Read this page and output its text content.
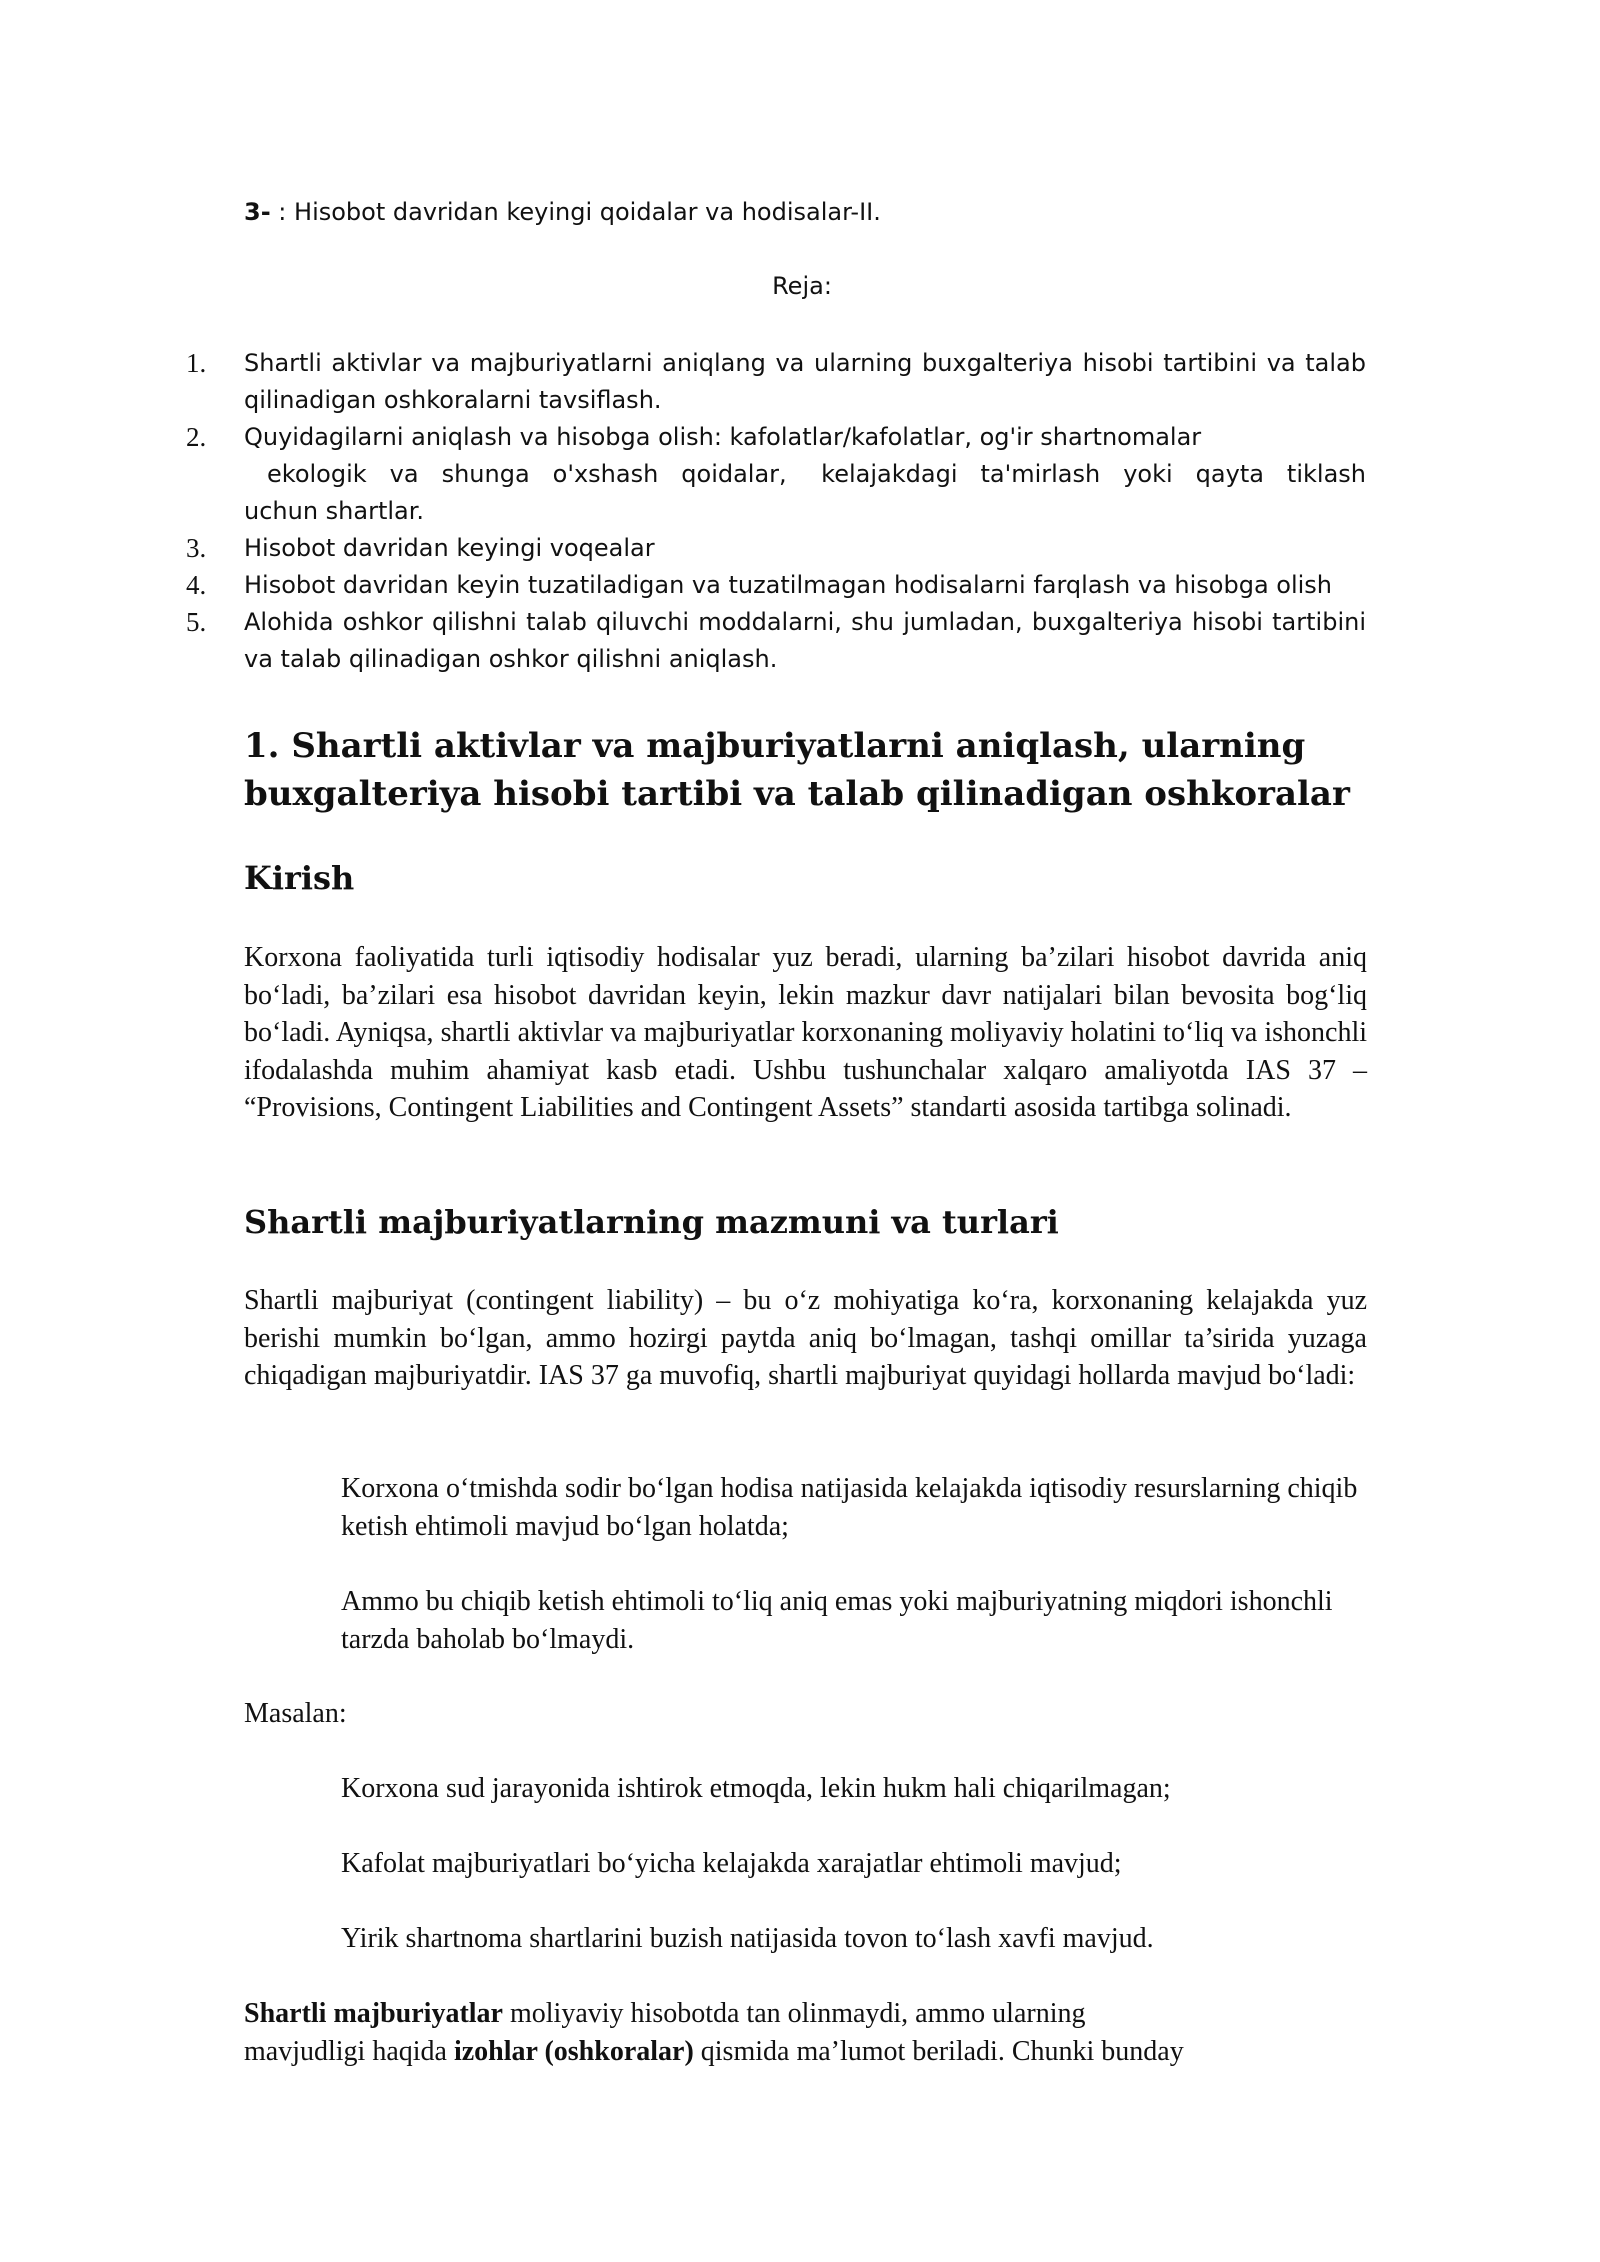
3- : Hisobot davridan keyingi qoidalar va hodisalar-II.
Reja:
1. Shartli aktivlar va majburiyatlarni aniqlang va ularning buxgalteriya hisobi tartibini va talab qilinadigan oshkoralarni tavsiflash.
2. Quyidagilarni aniqlash va hisobga olish: kafolatlar/kafolatlar, og'ir shartnomalar
ekologik  va  shunga  o'xshash  qoidalar,   kelajakdagi  ta'mirlash  yoki  qayta  tiklash  uchun shartlar.
3. Hisobot davridan keyingi voqealar
4. Hisobot davridan keyin tuzatiladigan va tuzatilmagan hodisalarni farqlash va hisobga olish
5. Alohida oshkor qilishni talab qiluvchi moddalarni, shu jumladan, buxgalteriya hisobi tartibini va talab qilinadigan oshkor qilishni aniqlash.
1. Shartli aktivlar va majburiyatlarni aniqlash, ularning buxgalteriya hisobi tartibi va talab qilinadigan oshkoralar
Kirish

Korxona faoliyatida turli iqtisodiy hodisalar yuz beradi, ularning ba’zilari hisobot davrida aniq bo‘ladi, ba’zilari esa hisobot davridan keyin, lekin mazkur davr natijalari bilan bevosita bog‘liq bo‘ladi. Ayniqsa, shartli aktivlar va majburiyatlar korxonaning moliyaviy holatini to‘liq va ishonchli ifodalashda muhim ahamiyat kasb etadi. Ushbu tushunchalar xalqaro amaliyotda IAS 37 – “Provisions, Contingent Liabilities and Contingent Assets” standarti asosida tartibga solinadi.

Shartli majburiyatlarning mazmuni va turlari

Shartli majburiyat (contingent liability) – bu o‘z mohiyatiga ko‘ra, korxonaning kelajakda yuz berishi mumkin bo‘lgan, ammo hozirgi paytda aniq bo‘lmagan, tashqi omillar ta’sirida yuzaga chiqadigan majburiyatdir. IAS 37 ga muvofiq, shartli majburiyat quyidagi hollarda mavjud bo‘ladi:

Korxona o‘tmishda sodir bo‘lgan hodisa natijasida kelajakda iqtisodiy resurslarning chiqib ketish ehtimoli mavjud bo‘lgan holatda;

Ammo bu chiqib ketish ehtimoli to‘liq aniq emas yoki majburiyatning miqdori ishonchli tarzda baholab bo‘lmaydi.

Masalan:

Korxona sud jarayonida ishtirok etmoqda, lekin hukm hali chiqarilmagan;

Kafolat majburiyatlari bo‘yicha kelajakda xarajatlar ehtimoli mavjud;

Yirik shartnoma shartlarini buzish natijasida tovon to‘lash xavfi mavjud.

Shartli majburiyatlar moliyaviy hisobotda tan olinmaydi, ammo ularning
mavjudligi haqida izohlar (oshkoralar) qismida ma’lumot beriladi. Chunki bunday
